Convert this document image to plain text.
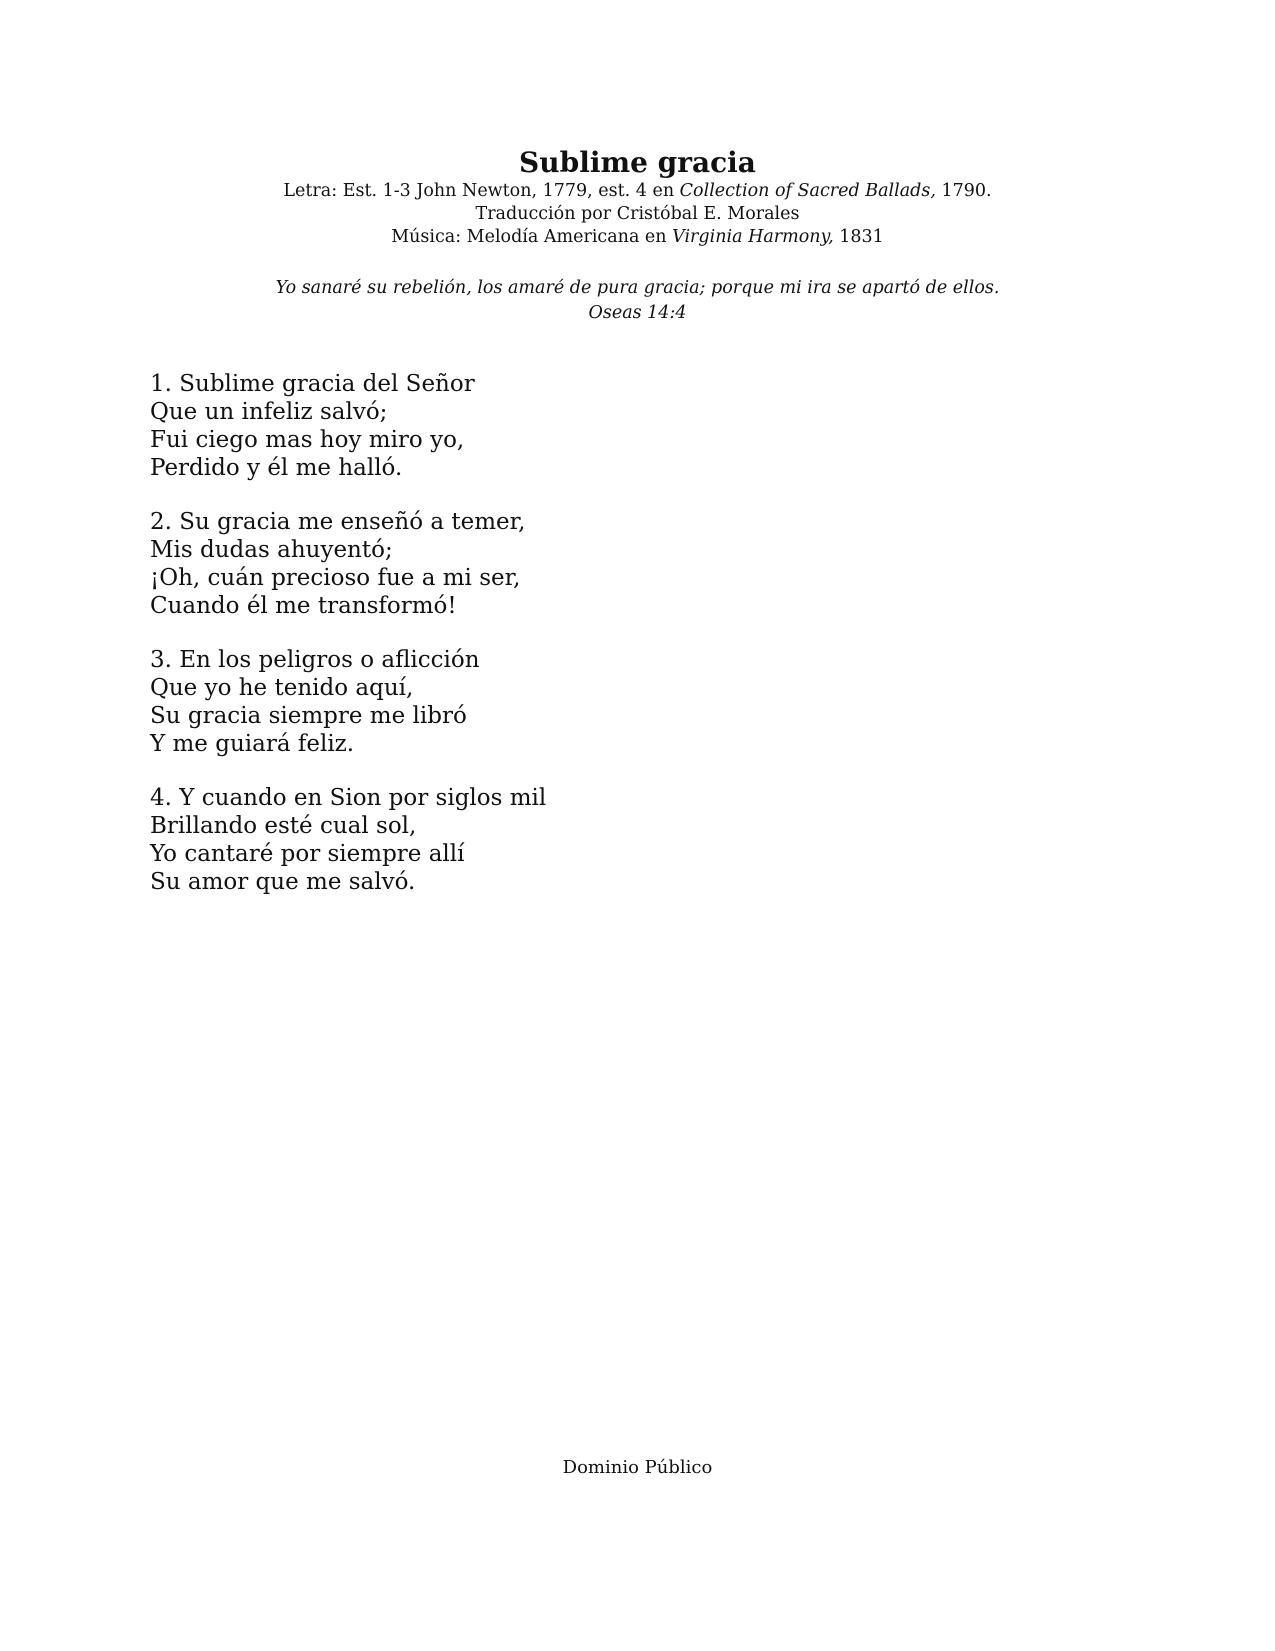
Sublime gracia
Letra: Est. 1-3 John Newton, 1779, est. 4 en Collection of Sacred Ballads, 1790.
Traducción por Cristóbal E. Morales
Música: Melodía Americana en Virginia Harmony, 1831
Yo sanaré su rebelión, los amaré de pura gracia; porque mi ira se apartó de ellos.
Oseas 14:4
1. Sublime gracia del Señor
Que un infeliz salvó;
Fui ciego mas hoy miro yo,
Perdido y él me halló.
2. Su gracia me enseñó a temer,
Mis dudas ahuyentó;
¡Oh, cuán precioso fue a mi ser,
Cuando él me transformó!
3. En los peligros o aflicción
Que yo he tenido aquí,
Su gracia siempre me libró
Y me guiará feliz.
4. Y cuando en Sion por siglos mil
Brillando esté cual sol,
Yo cantaré por siempre allí
Su amor que me salvó.
Dominio Público
